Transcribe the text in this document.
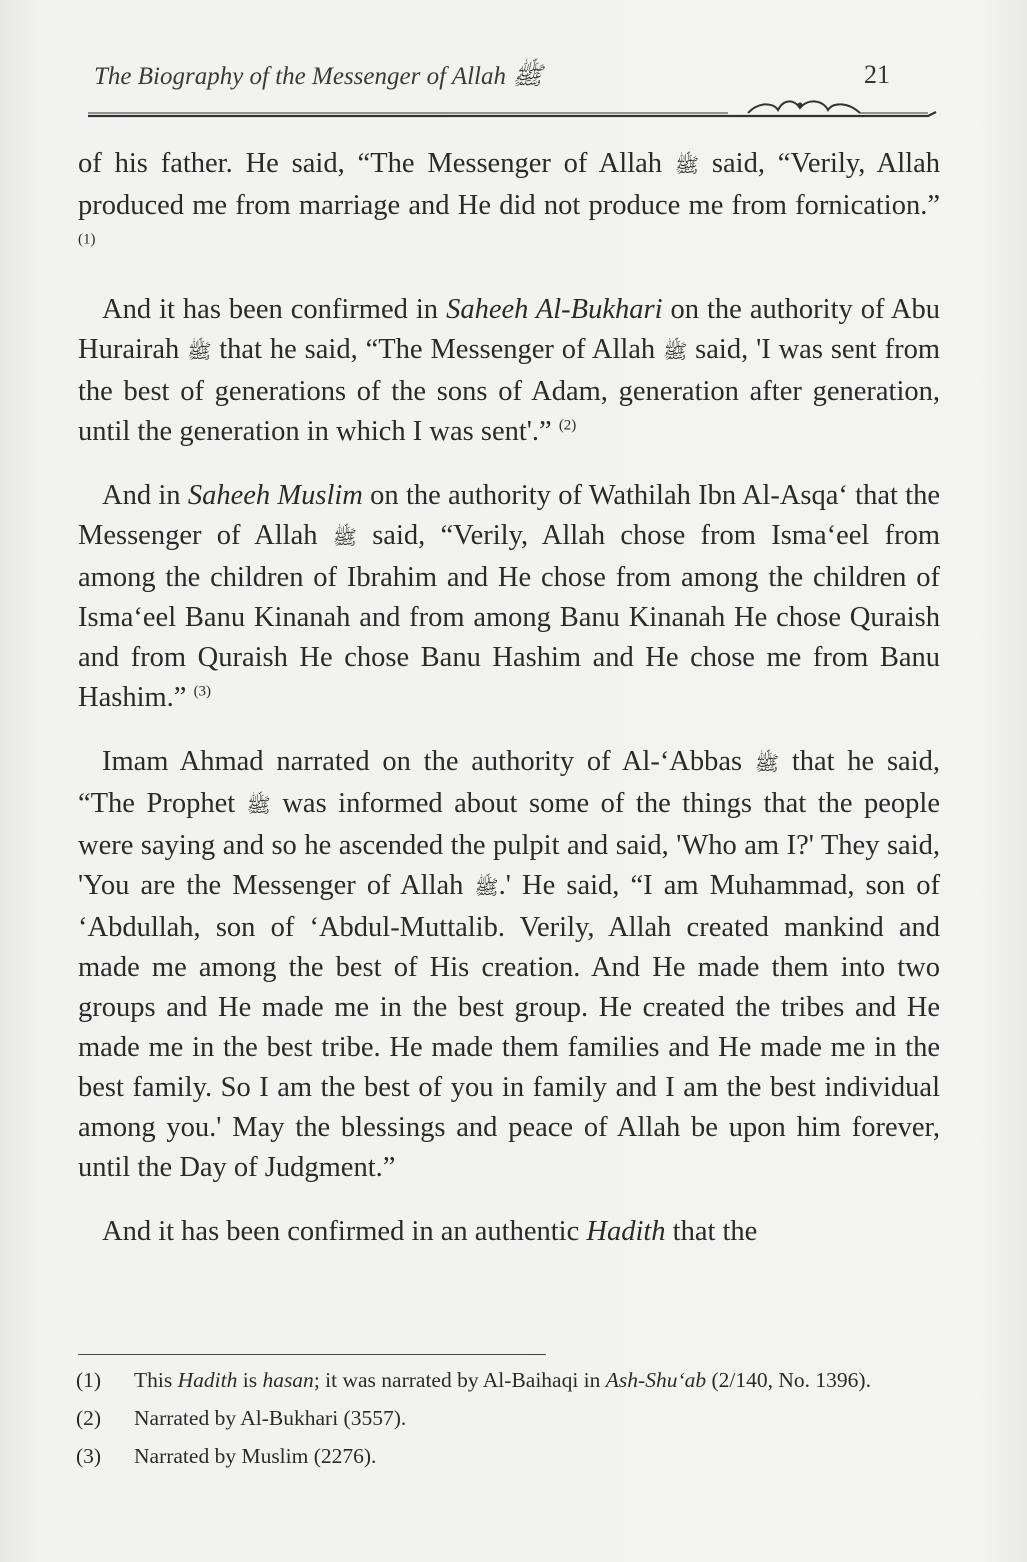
The Biography of the Messenger of Allah ﷺ	21

of his father. He said, “The Messenger of Allah ﷺ said, “Verily, Allah produced me from marriage and He did not produce me from fornication.” $^{(1)}$

And it has been confirmed in Saheeh Al-Bukhari on the authority of Abu Hurairah ﷺ that he said, “The Messenger of Allah ﷺ said, 'I was sent from the best of generations of the sons of Adam, generation after generation, until the generation in which I was sent'.” $^{(2)}$

And in Saheeh Muslim on the authority of Wathilah Ibn Al-Asqa‘ that the Messenger of Allah ﷺ said, “Verily, Allah chose from Isma‘eel from among the children of Ibrahim and He chose from among the children of Isma‘eel Banu Kinanah and from among Banu Kinanah He chose Quraish and from Quraish He chose Banu Hashim and He chose me from Banu Hashim.” $^{(3)}$

Imam Ahmad narrated on the authority of Al-‘Abbas ﷺ that he said, “The Prophet ﷺ was informed about some of the things that the people were saying and so he ascended the pulpit and said, 'Who am I?' They said, 'You are the Messenger of Allah ﷺ.' He said, “I am Muhammad, son of ‘Abdullah, son of ‘Abdul-Muttalib. Verily, Allah created mankind and made me among the best of His creation. And He made them into two groups and He made me in the best group. He created the tribes and He made me in the best tribe. He made them families and He made me in the best family. So I am the best of you in family and I am the best individual among you.' May the blessings and peace of Allah be upon him forever, until the Day of Judgment.”

And it has been confirmed in an authentic Hadith that the

(1)	This Hadith is hasan; it was narrated by Al-Baihaqi in Ash-Shu‘ab (2/140, No. 1396).
(2)	Narrated by Al-Bukhari (3557).
(3)	Narrated by Muslim (2276).
